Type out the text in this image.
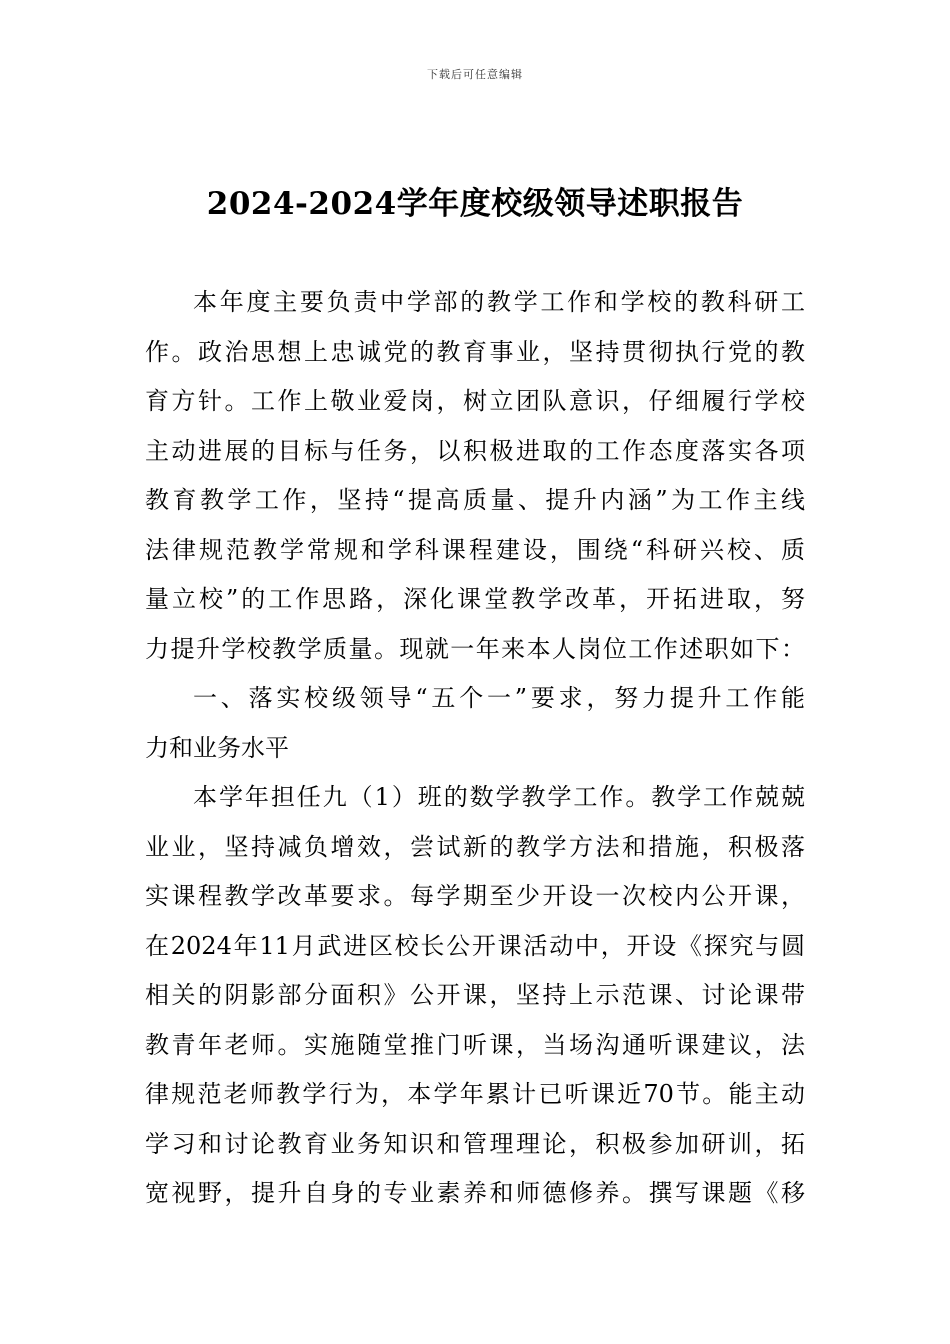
下载后可任意编辑
2024-2024学年度校级领导述职报告
本年度主要负责中学部的教学工作和学校的教科研工
作。政治思想上忠诚党的教育事业，坚持贯彻执行党的教
育方针。工作上敬业爱岗，树立团队意识，仔细履行学校
主动进展的目标与任务，以积极进取的工作态度落实各项
教育教学工作，坚持“提高质量、提升内涵”为工作主线
法律规范教学常规和学科课程建设，围绕“科研兴校、质
量立校”的工作思路，深化课堂教学改革，开拓进取，努
力提升学校教学质量。现就一年来本人岗位工作述职如下：
一、落实校级领导“五个一”要求，努力提升工作能
力和业务水平
本学年担任九（1）班的数学教学工作。教学工作兢兢
业业，坚持减负增效，尝试新的教学方法和措施，积极落
实课程教学改革要求。每学期至少开设一次校内公开课，
在2024年11月武进区校长公开课活动中，开设《探究与圆
相关的阴影部分面积》公开课，坚持上示范课、讨论课带
教青年老师。实施随堂推门听课，当场沟通听课建议，法
律规范老师教学行为，本学年累计已听课近70节。能主动
学习和讨论教育业务知识和管理理论，积极参加研训，拓
宽视野，提升自身的专业素养和师德修养。撰写课题《移
